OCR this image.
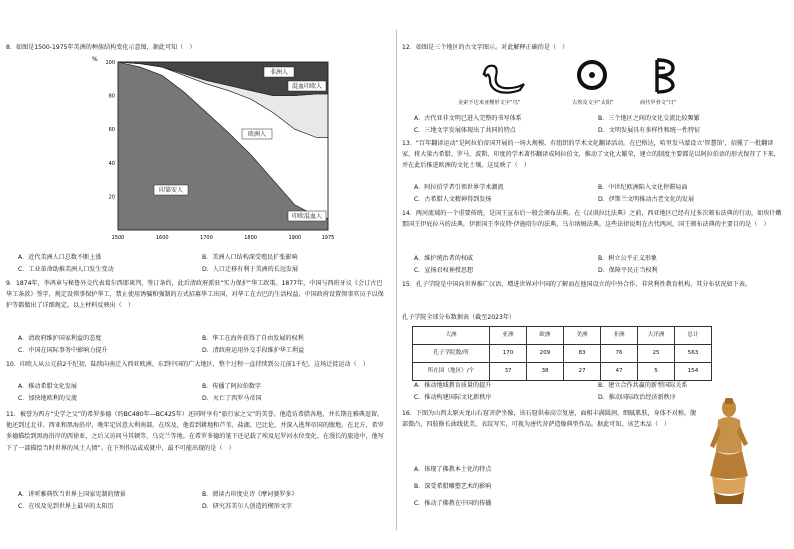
8．如图是1500-1975年美洲的种族结构变化示意图，据此可知（　）
% 100
80
60
40
20
1500	1600	1700	1800	1900	1975
非洲人
混血印欧人
欧洲人
印第安人
印欧混血人
A．近代美洲人口总数不断上涨	B．美洲人口结构深受殖民扩张影响
C．工业革命助推美洲人口发生变动	D．人口迁移有利于美洲的长远发展
9．1874年，李鸿章与秘鲁外交代表葛尔西耶谈判，签订条约，此后清政府派驻“实力保护”华工政策。1877年，中国与西班牙议《会订古巴华工条款》签字，规定设领事保护华工，禁止使用诱骗和强制的方式招募华工出国，对华工在古巴的生活权益、中国政府设置领事官员予以保护等都做出了详细规定。以上材料反映出（　）
A．清政府维护国家利益的态度	B．华工在海外获得了自由发展的权利
C．中国在国际事务中影响力提升	D．清政府运用外交手段维护华工利益
10．印欧人从公元前2千纪初，陆续向南迁入西亚欧洲、东到中国的广大地区，整个过程一直持续到公元前1千纪。这场迁徙运动（　）
A．推动希腊文化发展	B．传播了阿拉伯数字
C．加快地欧利的交流	D．灭亡了西罗马帝国
11．被誉为西方“史学之父”的希罗多德（约BC480年—BC425年）还同时享有“旅行家之父”的美誉。他造访希腊各地，并长期在雅典逗留。他还到过北非、西亚和黑海沿岸，晚年定居意大利南部。在埃及，他看到耕地和芦苇、盐湖、巴比伦，并深入逃拜帝国的腹地。在北方，希罗多德描绘到黑海沿岸的西徐亚，之后又访问马其顿等，乌克兰等地。在希罗多德的笔下还记载了埃及尼罗河水位变化、在漫长的旅途中，他写下了一部描绘当时世界的风土人情”。在下列作品或成就中，最不可能出现的是（　）
A．讲听雅典钦当世界上国家宪制的情景	B．阅读古印度史诗《摩诃婆罗多》
C．在埃及见到世界上最早的太阳历	D．研究苏美尔人创造的楔形文字
12．如图是三个地区的古文字图示。对此解释正确的是（　）
美索不达米亚楔形文字“鸟”	古埃及文字“太阳”	商代甲骨文“日”
A．古代亚非文明已进入完整的书写体系	B．三个地区之间的文化交流比较频繁
C．三地文字发展体现出了共同的特点	D．文明发展具有多样性和统一性特征
13．“百年翻译运动”是阿拉伯帝国开展的一场大规模、有组织的学术文化翻译活动。在巴格达，哈里发马蒙设立‘智慧馆’，招揽了一批翻译家，将大量古希腊、罗马、波斯、印度的学术著作翻译成阿拉伯文，推动了文化大繁荣，建立的制度主要都是以阿拉伯语的形式保存了下来，并在此后推进欧洲的文化土壤。这反映了（　）
A．阿拉伯学者引领世界学术潮流	B．中世纪欧洲陷入文化停滞局面
C．古希腊人文精神得到发扬	D．伊斯兰文明推动古老文化的发展
14．两河流域的一个重要传统，是国王宣布后一般会颁布法典。在《汉谟拉比法典》之前，西亚地区已经有过多次颁布法典的行动，如埃什嫩那国王伊庇拉马的法典，伊新国王李皮特·伊施塔尔的法典，乌尔纳姆法典。这些法律说明在古代两河，国王颁布法典的主要目的是（　）
A．维护统治者的权威	B．树立公平正义形象
C．宣扬君权神授思想	D．保障平民正当权利
15．孔子学院是中国向世界推广汉语，增进世界对中国的了解而在他国设立的中外合作、非营利性教育机构。其分布状况如下表。
孔子学院全球分布数据表（截至2023年）
大洲	亚洲	欧洲	美洲	非洲	大洋洲	总计
孔子学院数/所	170	209	83	76	25	563
所在国（地区）/个	37	38	27	47	5	154
A．推动地域教育质量的提升	B．建立合作共赢的新型国际关系
C．推动构建国际文化新秩序	D．推动国际政治经济新秩序
16．下图为山西太原天龙山石窟菩萨坐像，该石窟供奉高宗复唐，面相丰满圆润，细腻肌肤，身体不对称，腹部微凸，四肢修长曲线优美，衣纹写实，可视为唐代菩萨造像典型作品。据此可知，该艺术品（　）
A．体现了佛教本土化的特点
B．深受希腊雕塑艺术的影响
C．推动了佛教在中国的传播
